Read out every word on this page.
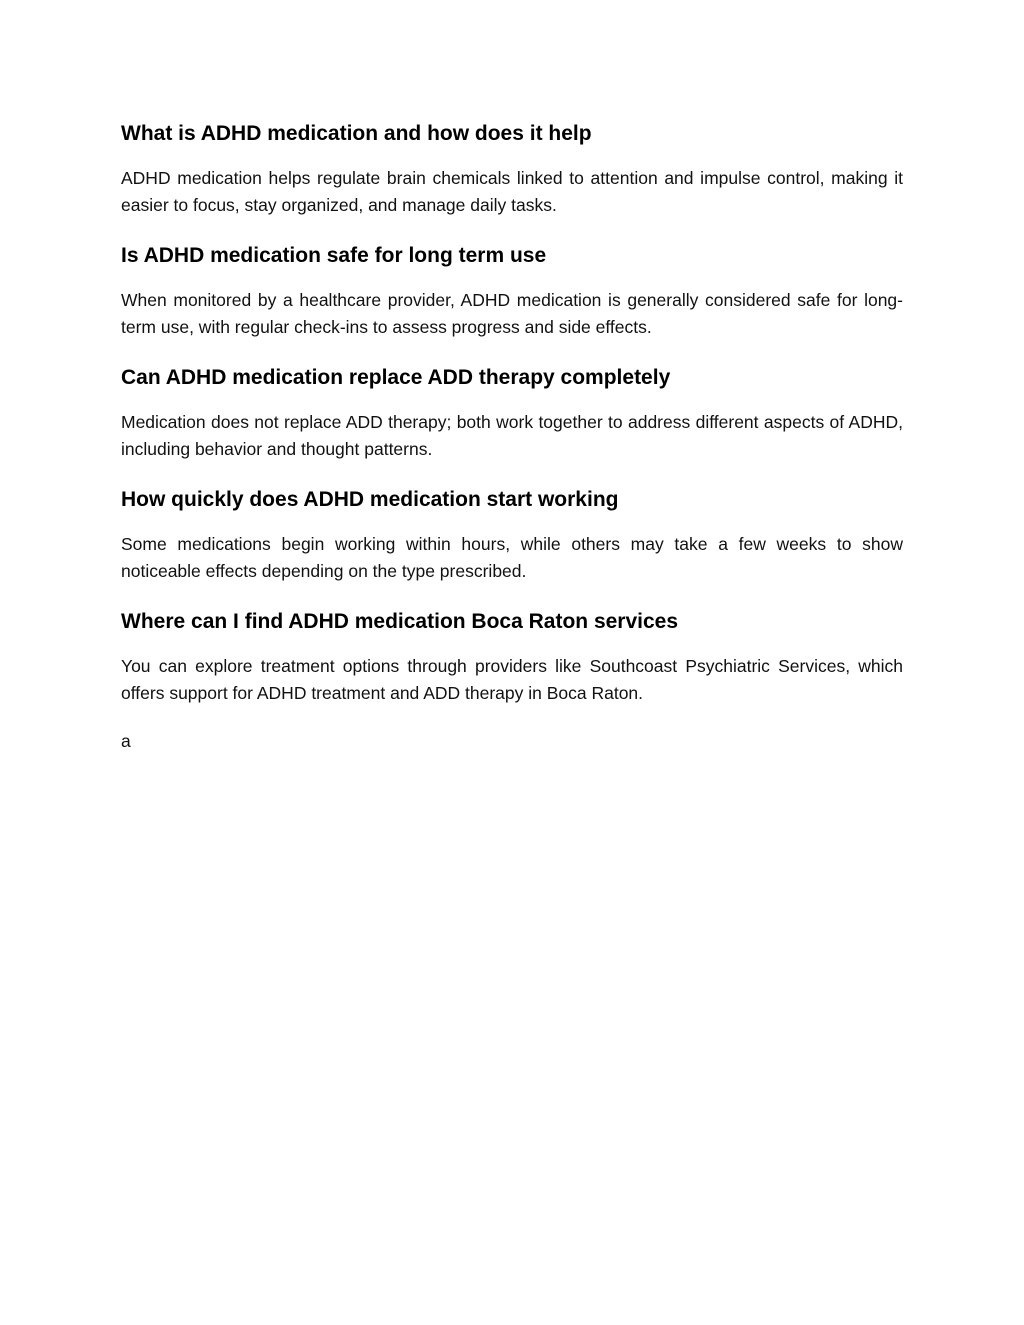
What is ADHD medication and how does it help

ADHD medication helps regulate brain chemicals linked to attention and impulse control, making it easier to focus, stay organized, and manage daily tasks.

Is ADHD medication safe for long term use

When monitored by a healthcare provider, ADHD medication is generally considered safe for long-term use, with regular check-ins to assess progress and side effects.

Can ADHD medication replace ADD therapy completely

Medication does not replace ADD therapy; both work together to address different aspects of ADHD, including behavior and thought patterns.

How quickly does ADHD medication start working

Some medications begin working within hours, while others may take a few weeks to show noticeable effects depending on the type prescribed.

Where can I find ADHD medication Boca Raton services

You can explore treatment options through providers like Southcoast Psychiatric Services, which offers support for ADHD treatment and ADD therapy in Boca Raton.

a
